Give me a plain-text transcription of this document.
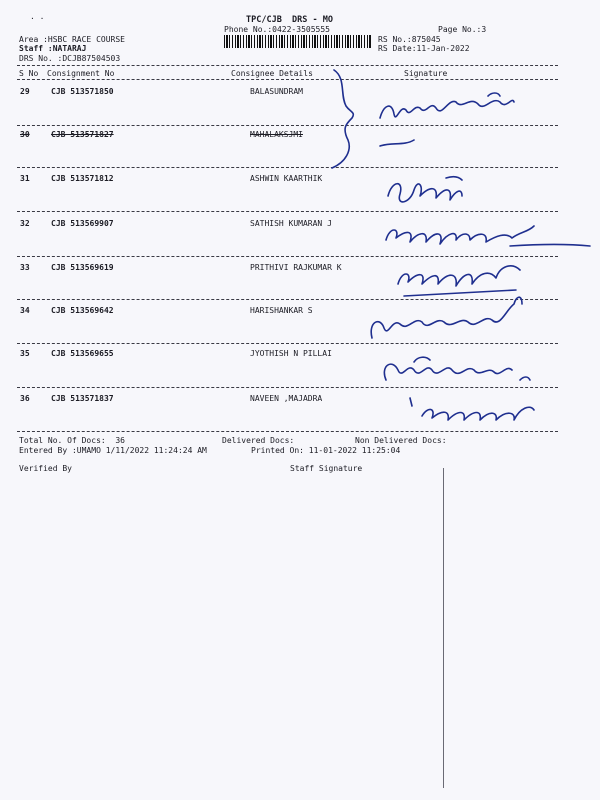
· ·	TPC/CJB  DRS - MO
Phone No.:0422-3505555	Page No.:3
Area :HSBC RACE COURSE
Staff :NATARAJ
DRS No. :DCJB87504503
RS No.:875045
RS Date:11-Jan-2022
S No Consignment No	Consignee Details	Signature
29	CJB 513571850	BALASUNDRAM
30	CJB 513571827	MAHALAKSJMI
31	CJB 513571812	ASHWIN KAARTHIK
32	CJB 513569907	SATHISH KUMARAN J
33	CJB 513569619	PRITHIVI RAJKUMAR K
34	CJB 513569642	HARISHANKAR S
35	CJB 513569655	JYOTHISH N PILLAI
36	CJB 513571837	NAVEEN ,MAJADRA
Total No. Of Docs:  36	Delivered Docs:	Non Delivered Docs:
Entered By :UMAMO 1/11/2022 11:24:24 AM	Printed On: 11-01-2022 11:25:04
Verified By	Staff Signature
